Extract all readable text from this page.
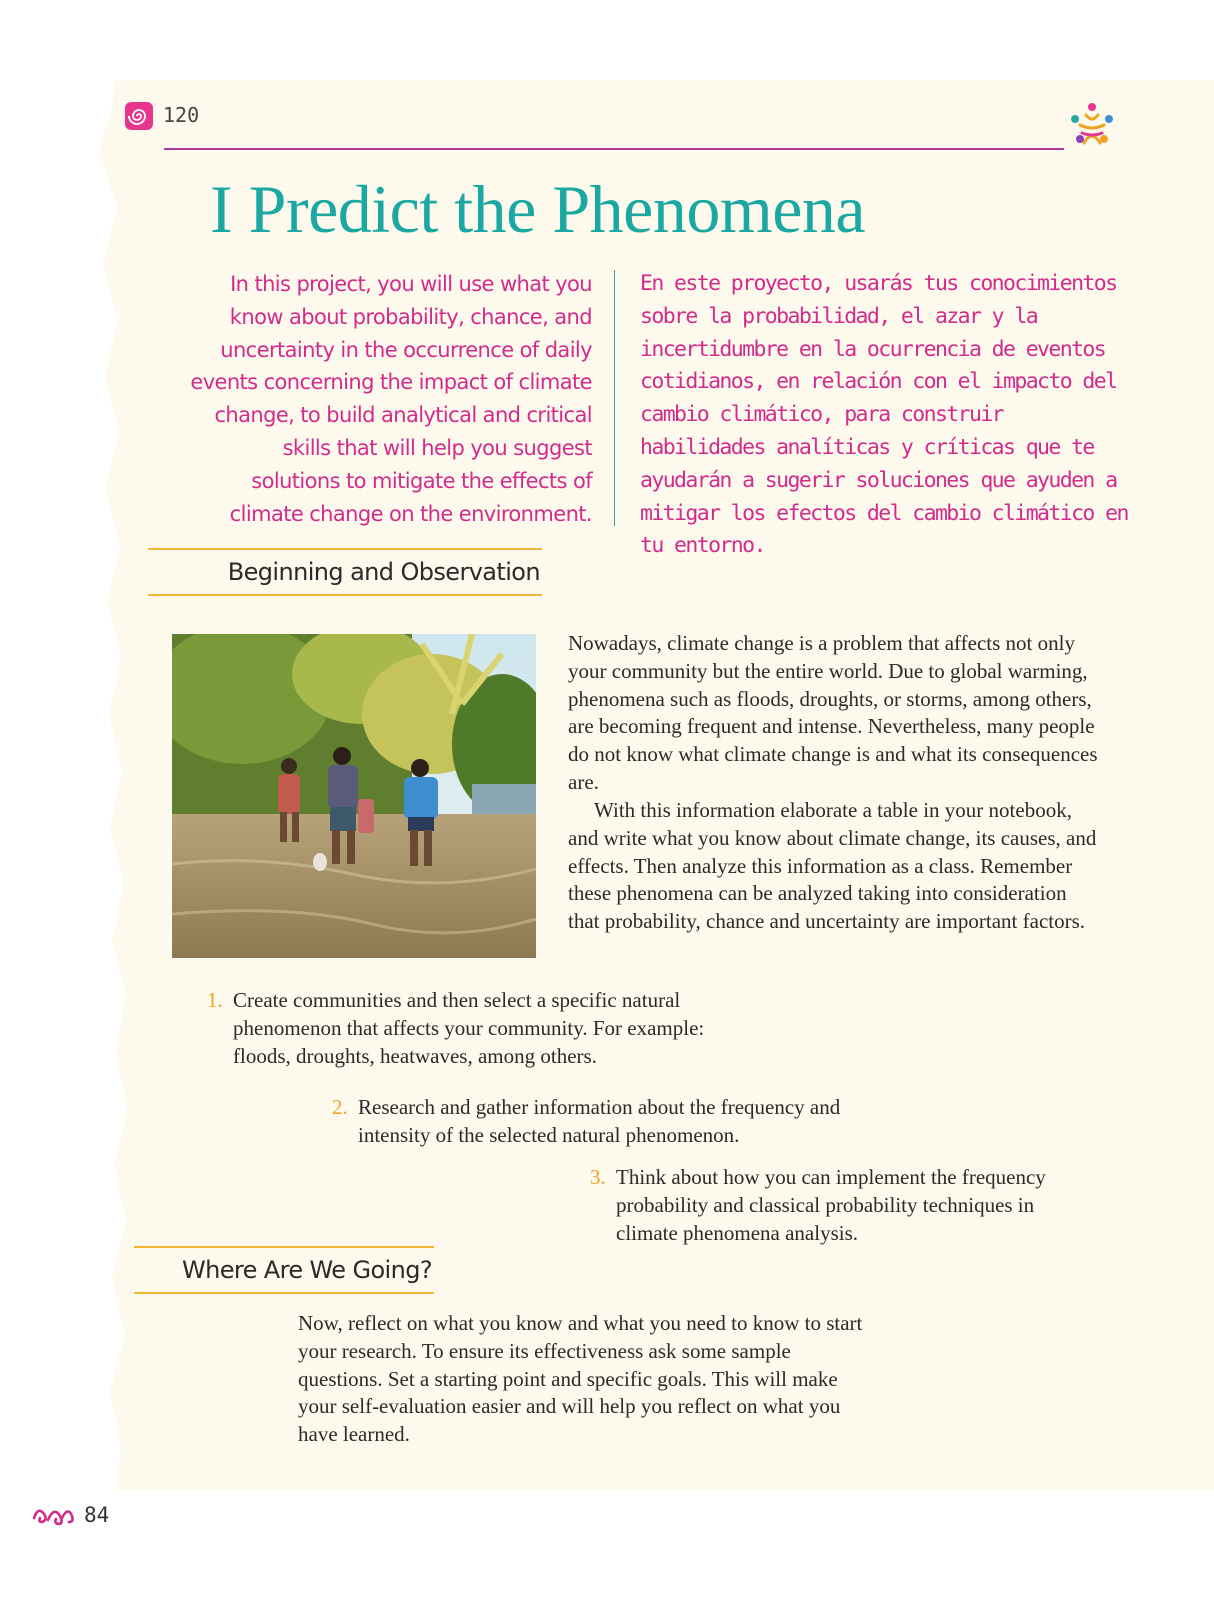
120
I Predict the Phenomena

In this project, you will use what you know about probability, chance, and uncertainty in the occurrence of daily events concerning the impact of climate change, to build analytical and critical skills that will help you suggest solutions to mitigate the effects of climate change on the environment.

En este proyecto, usarás tus conocimientos sobre la probabilidad, el azar y la incertidumbre en la ocurrencia de eventos cotidianos, en relación con el impacto del cambio climático, para construir habilidades analíticas y críticas que te ayudarán a sugerir soluciones que ayuden a mitigar los efectos del cambio climático en tu entorno.

Beginning and Observation

Nowadays, climate change is a problem that affects not only your community but the entire world. Due to global warming, phenomena such as floods, droughts, or storms, among others, are becoming frequent and intense. Nevertheless, many people do not know what climate change is and what its consequences are.

With this information elaborate a table in your notebook, and write what you know about climate change, its causes, and effects. Then analyze this information as a class. Remember these phenomena can be analyzed taking into consideration that probability, chance and uncertainty are important factors.

1. Create communities and then select a specific natural phenomenon that affects your community. For example: floods, droughts, heatwaves, among others.
2. Research and gather information about the frequency and intensity of the selected natural phenomenon.
3. Think about how you can implement the frequency probability and classical probability techniques in climate phenomena analysis.
Where Are We Going?

Now, reflect on what you know and what you need to know to start your research. To ensure its effectiveness ask some sample questions. Set a starting point and specific goals. This will make your self-evaluation easier and will help you reflect on what you have learned.

84
